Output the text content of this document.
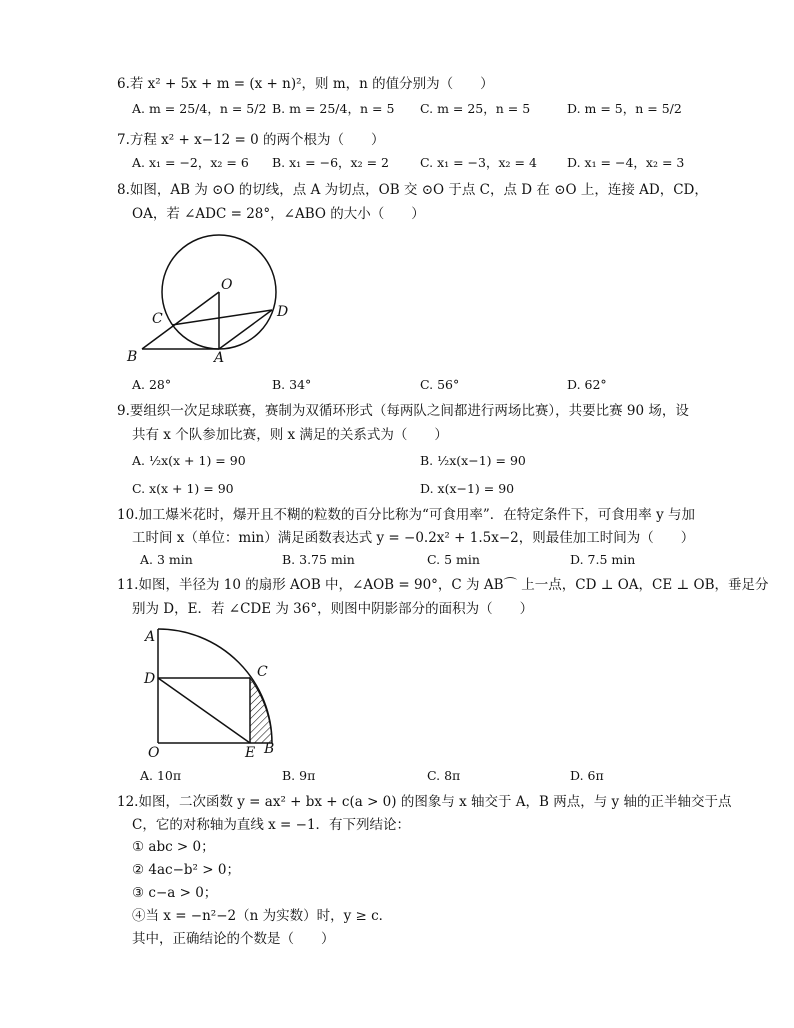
6.若 x² + 5x + m = (x + n)²，则 m，n 的值分别为（　　）
A. m = 25/4，n = 5/2 B. m = 25/4，n = 5 C. m = 25，n = 5	D. m = 5，n = 5/2
7.方程 x² + x−12 = 0 的两个根为（　　）
A. x₁ = −2，x₂ = 6 B. x₁ = −6，x₂ = 2 C. x₁ = −3，x₂ = 4 D. x₁ = −4，x₂ = 3
8.如图，AB 为 ⊙O 的切线，点 A 为切点，OB 交 ⊙O 于点 C，点 D 在 ⊙O 上，连接 AD，CD，
OA，若 ∠ADC = 28°，∠ABO 的大小（　　）
O
C	D
B	A
A. 28°	B. 34°	C. 56°	D. 62°
9.要组织一次足球联赛，赛制为双循环形式（每两队之间都进行两场比赛），共要比赛 90 场，设
共有 x 个队参加比赛，则 x 满足的关系式为（　　）
A. ½x(x + 1) = 90	B. ½x(x−1) = 90
C. x(x + 1) = 90	D. x(x−1) = 90
10.加工爆米花时，爆开且不糊的粒数的百分比称为“可食用率”．在特定条件下，可食用率 y 与加
工时间 x（单位：min）满足函数表达式 y = −0.2x² + 1.5x−2，则最佳加工时间为（　　）
A. 3 min	B. 3.75 min	C. 5 min	D. 7.5 min
11.如图，半径为 10 的扇形 AOB 中，∠AOB = 90°，C 为 AB⌒ 上一点，CD ⊥ OA，CE ⊥ OB，垂足分
别为 D，E．若 ∠CDE 为 36°，则图中阴影部分的面积为（　　）
A
D	C
O	E B
A. 10π	B. 9π	C. 8π	D. 6π
12.如图，二次函数 y = ax² + bx + c(a > 0) 的图象与 x 轴交于 A，B 两点，与 y 轴的正半轴交于点
C，它的对称轴为直线 x = −1．有下列结论：
① abc > 0；
② 4ac−b² > 0；
③ c−a > 0；
④当 x = −n²−2（n 为实数）时，y ≥ c．
其中，正确结论的个数是（　　）
